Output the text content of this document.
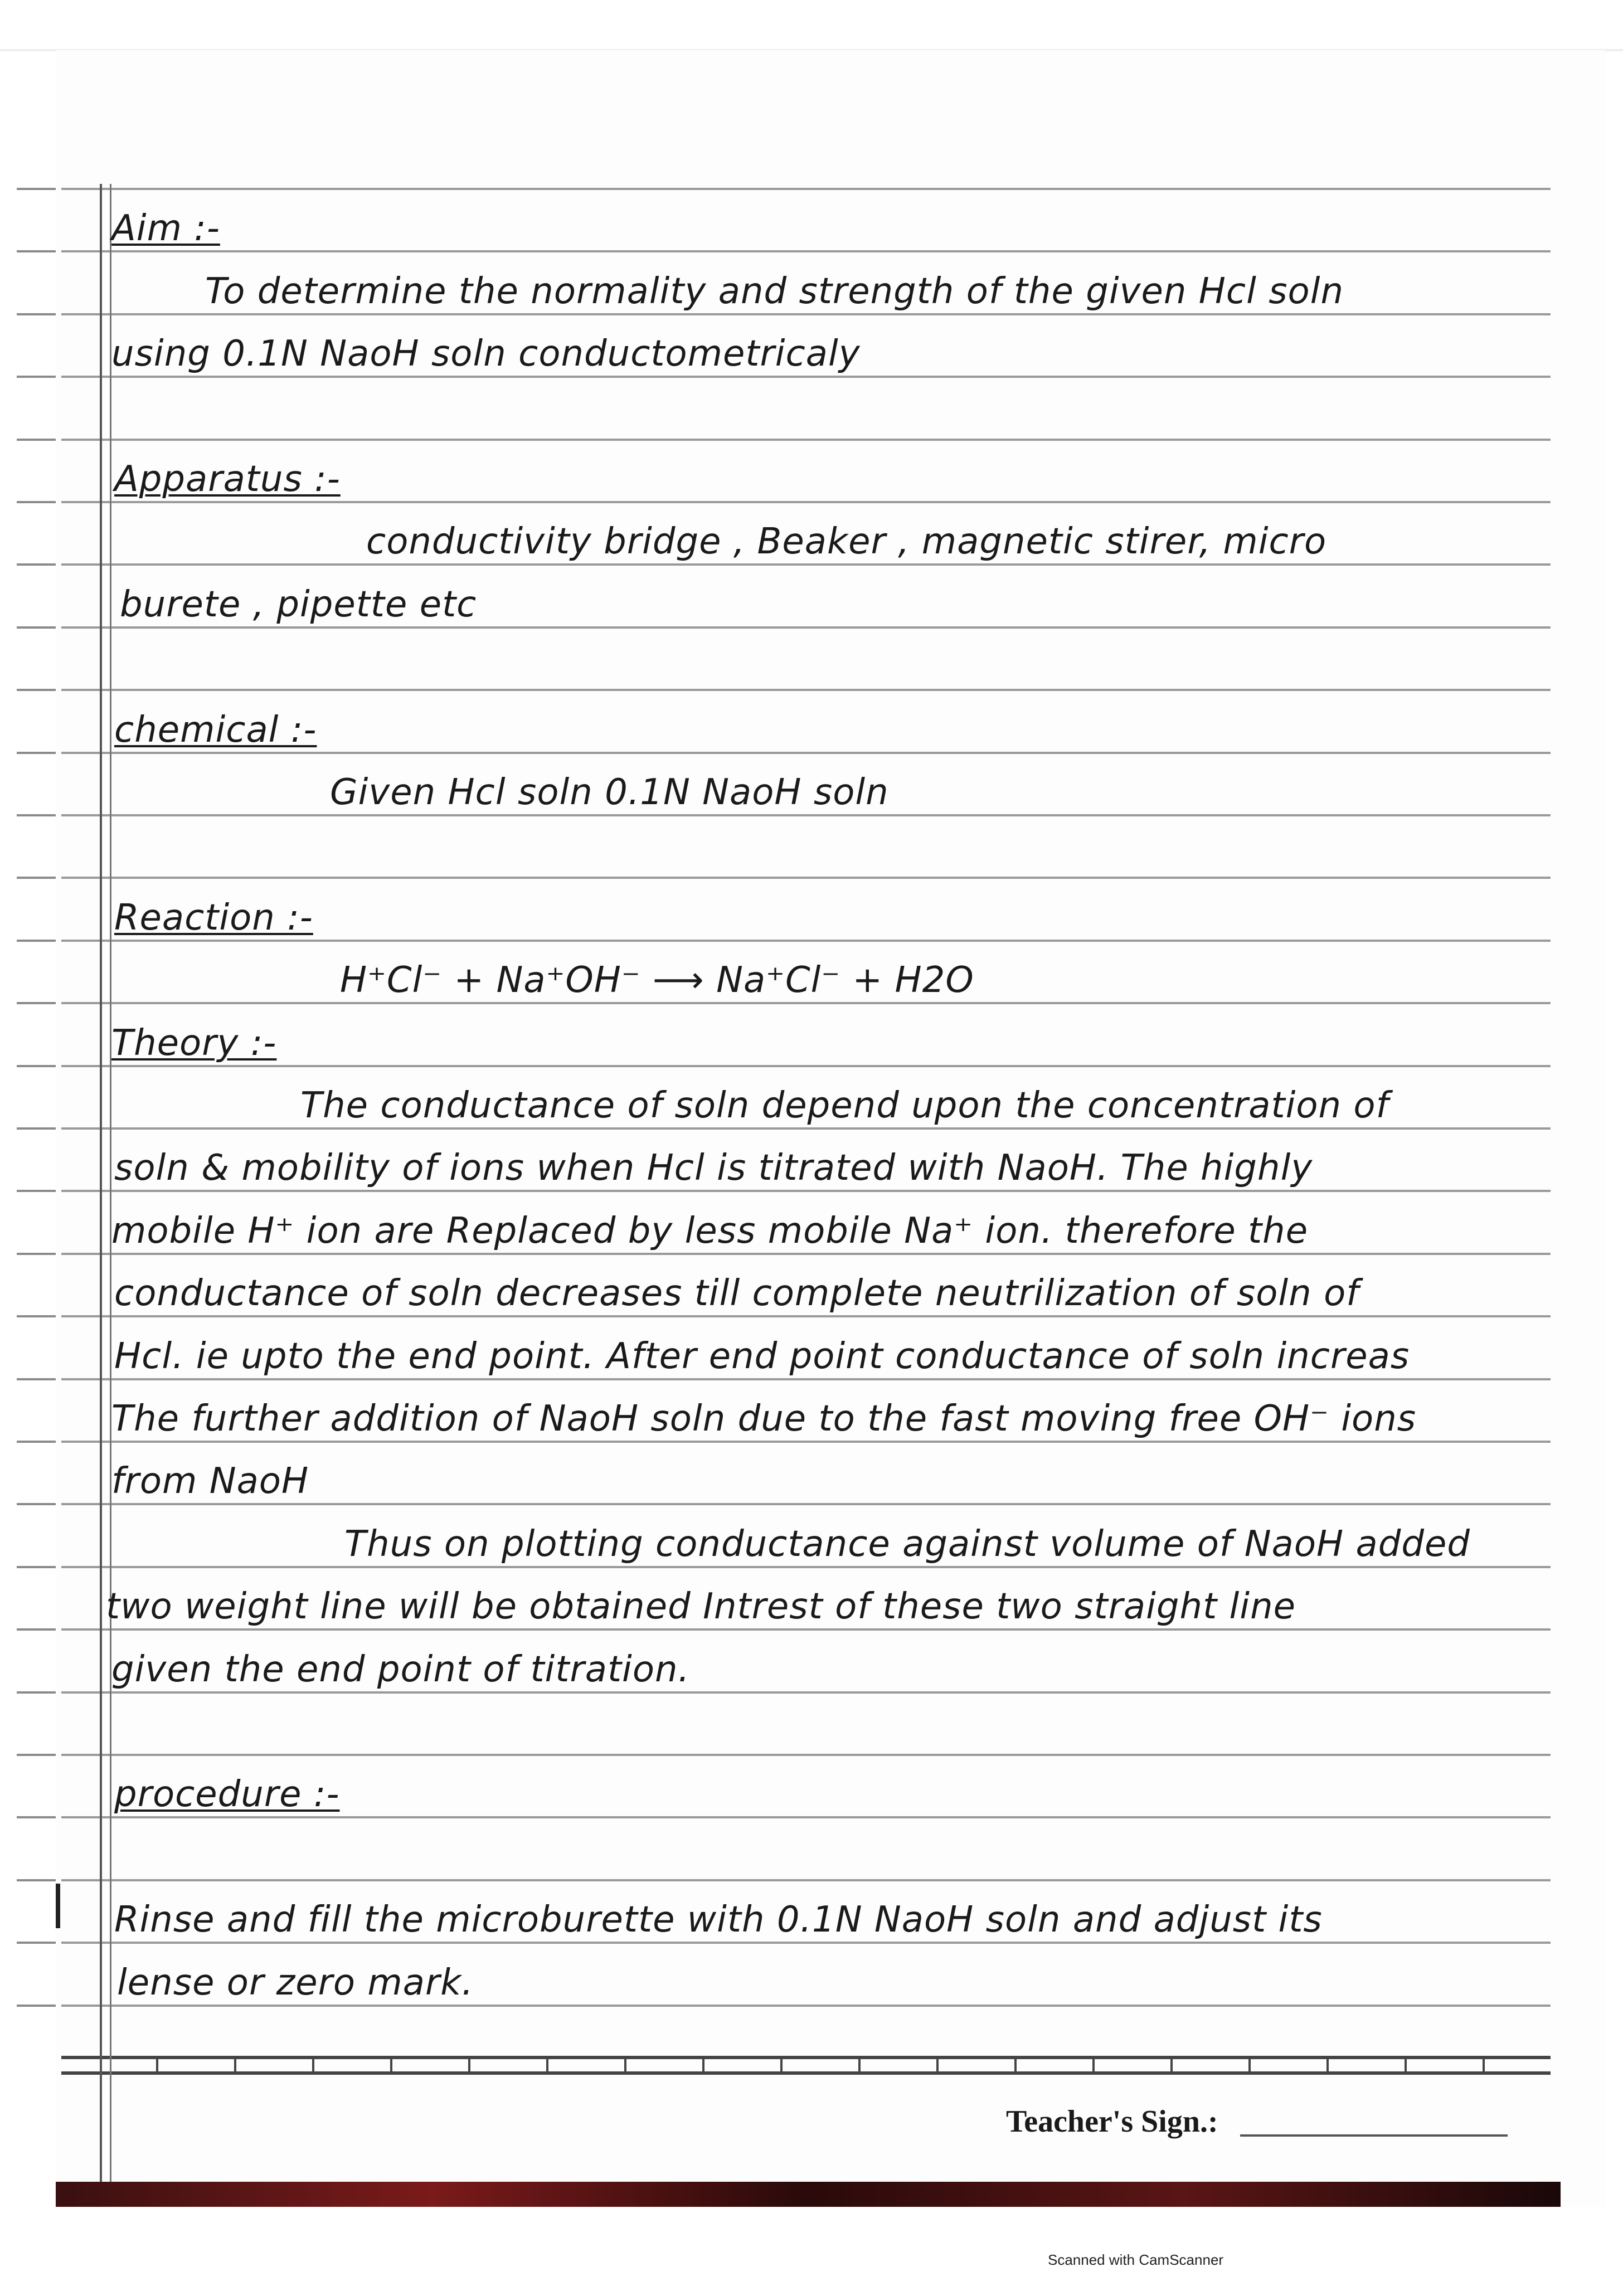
Aim :-
To determine the normality and strength of the given Hcl soln
using 0.1N NaoH soln conductometricaly
Apparatus :-
conductivity bridge , Beaker , magnetic stirer, micro
burete , pipette etc
chemical :-
Given Hcl soln 0.1N NaoH soln
Reaction :-
H⁺Cl⁻ + Na⁺OH⁻ ⟶ Na⁺Cl⁻ + H2O
Theory :-
The conductance of soln depend upon the concentration of
soln & mobility of ions when Hcl is titrated with NaoH. The highly
mobile H⁺ ion are Replaced by less mobile Na⁺ ion. therefore the
conductance of soln decreases till complete neutrilization of soln of
Hcl. ie upto the end point. After end point conductance of soln increas
The further addition of NaoH soln due to the fast moving free OH⁻ ions
from NaoH
Thus on plotting conductance against volume of NaoH added
two weight line will be obtained Intrest of these two straight line
given the end point of titration.
procedure :-
Rinse and fill the microburette with 0.1N NaoH soln and adjust its
lense or zero mark.
Teacher's Sign.:
Scanned with CamScanner
